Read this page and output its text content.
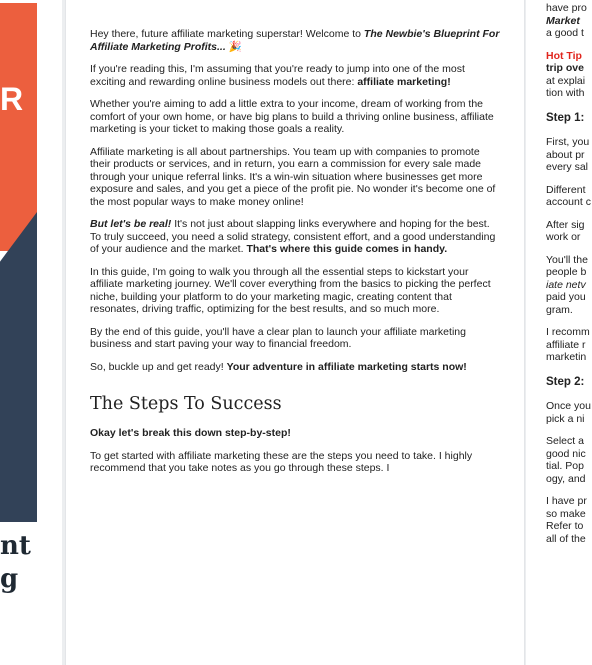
R
nt
g

Hey there, future affiliate marketing superstar! Welcome to The Newbie's Blueprint For Affiliate Marketing Profits... 🎉

If you're reading this, I'm assuming that you're ready to jump into one of the most exciting and rewarding online business models out there: affiliate marketing!

Whether you're aiming to add a little extra to your income, dream of working from the comfort of your own home, or have big plans to build a thriving online business, affiliate marketing is your ticket to making those goals a reality.

Affiliate marketing is all about partnerships. You team up with companies to promote their products or services, and in return, you earn a commission for every sale made through your unique referral links. It's a win-win situation where businesses get more exposure and sales, and you get a piece of the profit pie. No wonder it's become one of the most popular ways to make money online!

But let's be real! It's not just about slapping links everywhere and hoping for the best. To truly succeed, you need a solid strategy, consistent effort, and a good understanding of your audience and the market. That's where this guide comes in handy.

In this guide, I'm going to walk you through all the essential steps to kickstart your affiliate marketing journey. We'll cover everything from the basics to picking the perfect niche, building your platform to do your marketing magic, creating content that resonates, driving traffic, optimizing for the best results, and so much more.

By the end of this guide, you'll have a clear plan to launch your affiliate marketing business and start paving your way to financial freedom.

So, buckle up and get ready! Your adventure in affiliate marketing starts now!

The Steps To Success
Okay let's break this down step-by-step!

To get started with affiliate marketing these are the steps you need to take. I highly recommend that you take notes as you go through these steps. I

have pro
Market
a good t
Hot Tip
trip ove
at explai
tion with
Step 1:
First, you
about pr
every sal
Different
account c
After sig
work or
You'll the
people b
iate netv
paid you
gram.
I recomm
affiliate r
marketin
Step 2:
Once you
pick a ni
Select a
good nic
tial. Pop
ogy, and
I have pr
so make
Refer to
all of the
